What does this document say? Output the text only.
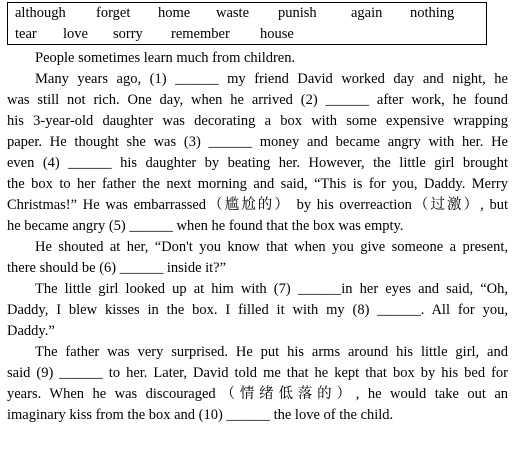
although forget home waste punish again nothing
tear love sorry remember house
People sometimes learn much from children.
Many years ago, (1) ______ my friend David worked day and night, he
was still not rich. One day, when he arrived (2) ______ after work, he found
his 3-year-old daughter was decorating a box with some expensive wrapping
paper. He thought she was (3) ______ money and became angry with her. He
even (4) ______ his daughter by beating her. However, the little girl brought
the box to her father the next morning and said, “This is for you, Daddy. Merry
Christmas!” He was embarrassed（尴尬的） by his overreaction（过激）, but
he became angry (5) ______ when he found that the box was empty.
He shouted at her, “Don't you know that when you give someone a present,
there should be (6) ______ inside it?”
The little girl looked up at him with (7) ______in her eyes and said, “Oh,
Daddy, I blew kisses in the box. I filled it with my (8) ______. All for you,
Daddy.”
The father was very surprised. He put his arms around his little girl, and
said (9) ______ to her. Later, David told me that he kept that box by his bed for
years. When he was discouraged（情绪低落的）, he would take out an
imaginary kiss from the box and (10) ______ the love of the child.
